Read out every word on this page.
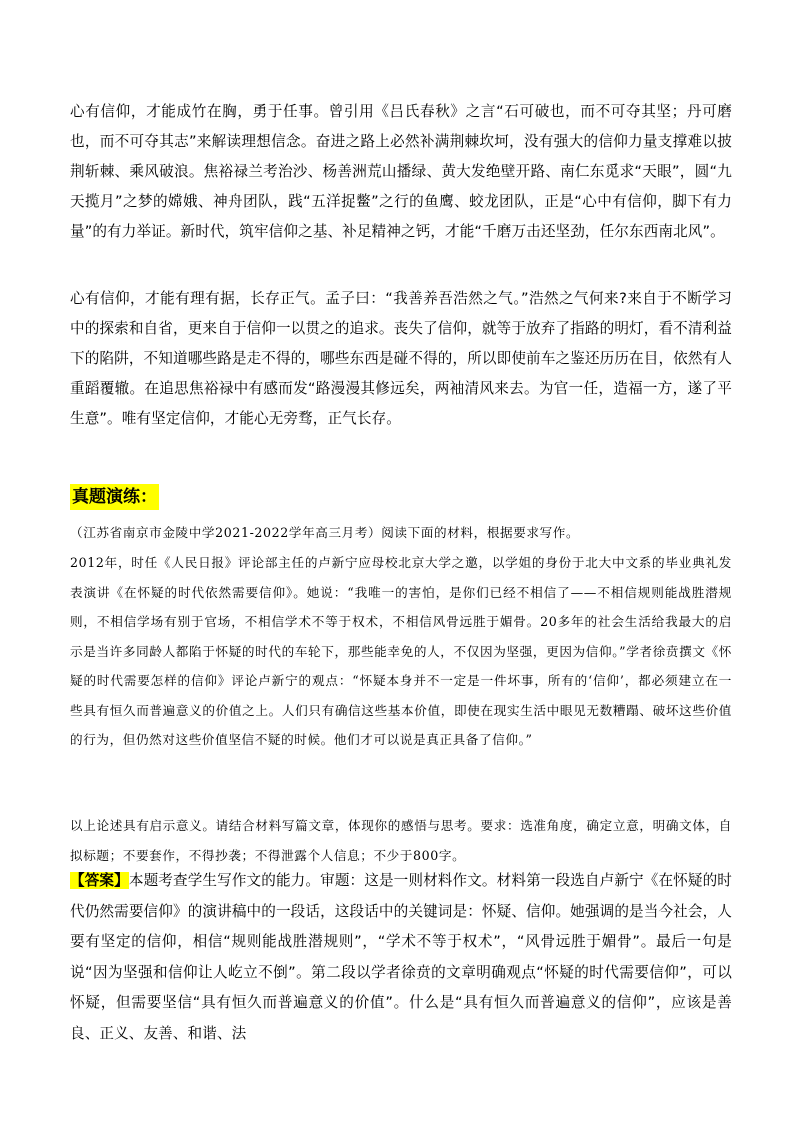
心有信仰，才能成竹在胸，勇于任事。曾引用《吕氏春秋》之言“石可破也，而不可夺其坚；丹可磨也，而不可夺其志”来解读理想信念。奋进之路上必然补满荆棘坎坷，没有强大的信仰力量支撑难以披荆斩棘、乘风破浪。焦裕禄兰考治沙、杨善洲荒山播绿、黄大发绝壁开路、南仁东觅求“天眼”，圆“九天揽月”之梦的嫦娥、神舟团队，践“五洋捉鳖”之行的鱼鹰、蛟龙团队，正是“心中有信仰，脚下有力量”的有力举证。新时代，筑牢信仰之基、补足精神之钙，才能“千磨万击还坚劲，任尔东西南北风”。

心有信仰，才能有理有据，长存正气。孟子曰：“我善养吾浩然之气。”浩然之气何来?来自于不断学习中的探索和自省，更来自于信仰一以贯之的追求。丧失了信仰，就等于放弃了指路的明灯，看不清利益下的陷阱，不知道哪些路是走不得的，哪些东西是碰不得的，所以即使前车之鉴还历历在目，依然有人重蹈覆辙。在追思焦裕禄中有感而发“路漫漫其修远矣，两袖清风来去。为官一任，造福一方，遂了平生意”。唯有坚定信仰，才能心无旁骛，正气长存。

真题演练：

（江苏省南京市金陵中学2021-2022学年高三月考）阅读下面的材料，根据要求写作。

2012年，时任《人民日报》评论部主任的卢新宁应母校北京大学之邀，以学姐的身份于北大中文系的毕业典礼发表演讲《在怀疑的时代依然需要信仰》。她说：“我唯一的害怕，是你们已经不相信了——不相信规则能战胜潜规则，不相信学场有别于官场，不相信学术不等于权术，不相信风骨远胜于媚骨。20多年的社会生活给我最大的启示是当许多同龄人都陷于怀疑的时代的车轮下，那些能幸免的人，不仅因为坚强，更因为信仰。”学者徐贲撰文《怀疑的时代需要怎样的信仰》评论卢新宁的观点：“怀疑本身并不一定是一件坏事，所有的‘信仰’，都必须建立在一些具有恒久而普遍意义的价值之上。人们只有确信这些基本价值，即使在现实生活中眼见无数糟蹋、破坏这些价值的行为，但仍然对这些价值坚信不疑的时候。他们才可以说是真正具备了信仰。”

以上论述具有启示意义。请结合材料写篇文章，体现你的感悟与思考。要求：选准角度，确定立意，明确文体，自拟标题；不要套作，不得抄袭；不得泄露个人信息；不少于800字。

【答案】本题考查学生写作文的能力。审题：这是一则材料作文。材料第一段选自卢新宁《在怀疑的时代仍然需要信仰》的演讲稿中的一段话，这段话中的关键词是：怀疑、信仰。她强调的是当今社会，人要有坚定的信仰，相信“规则能战胜潜规则”，“学术不等于权术”，“风骨远胜于媚骨”。最后一句是说“因为坚强和信仰让人屹立不倒”。第二段以学者徐贲的文章明确观点“怀疑的时代需要信仰”，可以怀疑，但需要坚信“具有恒久而普遍意义的价值”。什么是“具有恒久而普遍意义的信仰”，应该是善良、正义、友善、和谐、法
